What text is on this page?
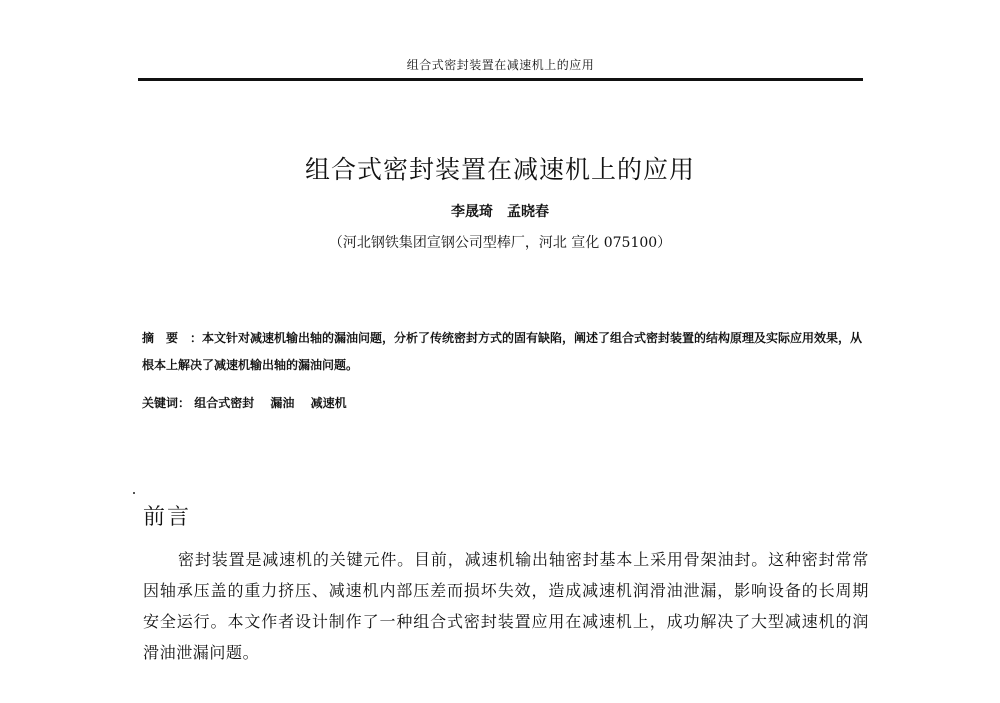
组合式密封装置在减速机上的应用
组合式密封装置在减速机上的应用
李晟琦　孟晓春
（河北钢铁集团宣钢公司型棒厂，河北 宣化 075100）
摘要：本文针对减速机输出轴的漏油问题，分析了传统密封方式的固有缺陷，阐述了组合式密封装置的结构原理及实际应用效果，从根本上解决了减速机输出轴的漏油问题。
关键词： 组合式密封 漏油 减速机
前言

密封装置是减速机的关键元件。目前，减速机输出轴密封基本上采用骨架油封。这种密封常常因轴承压盖的重力挤压、减速机内部压差而损坏失效，造成减速机润滑油泄漏，影响设备的长周期安全运行。本文作者设计制作了一种组合式密封装置应用在减速机上，成功解决了大型减速机的润滑油泄漏问题。
